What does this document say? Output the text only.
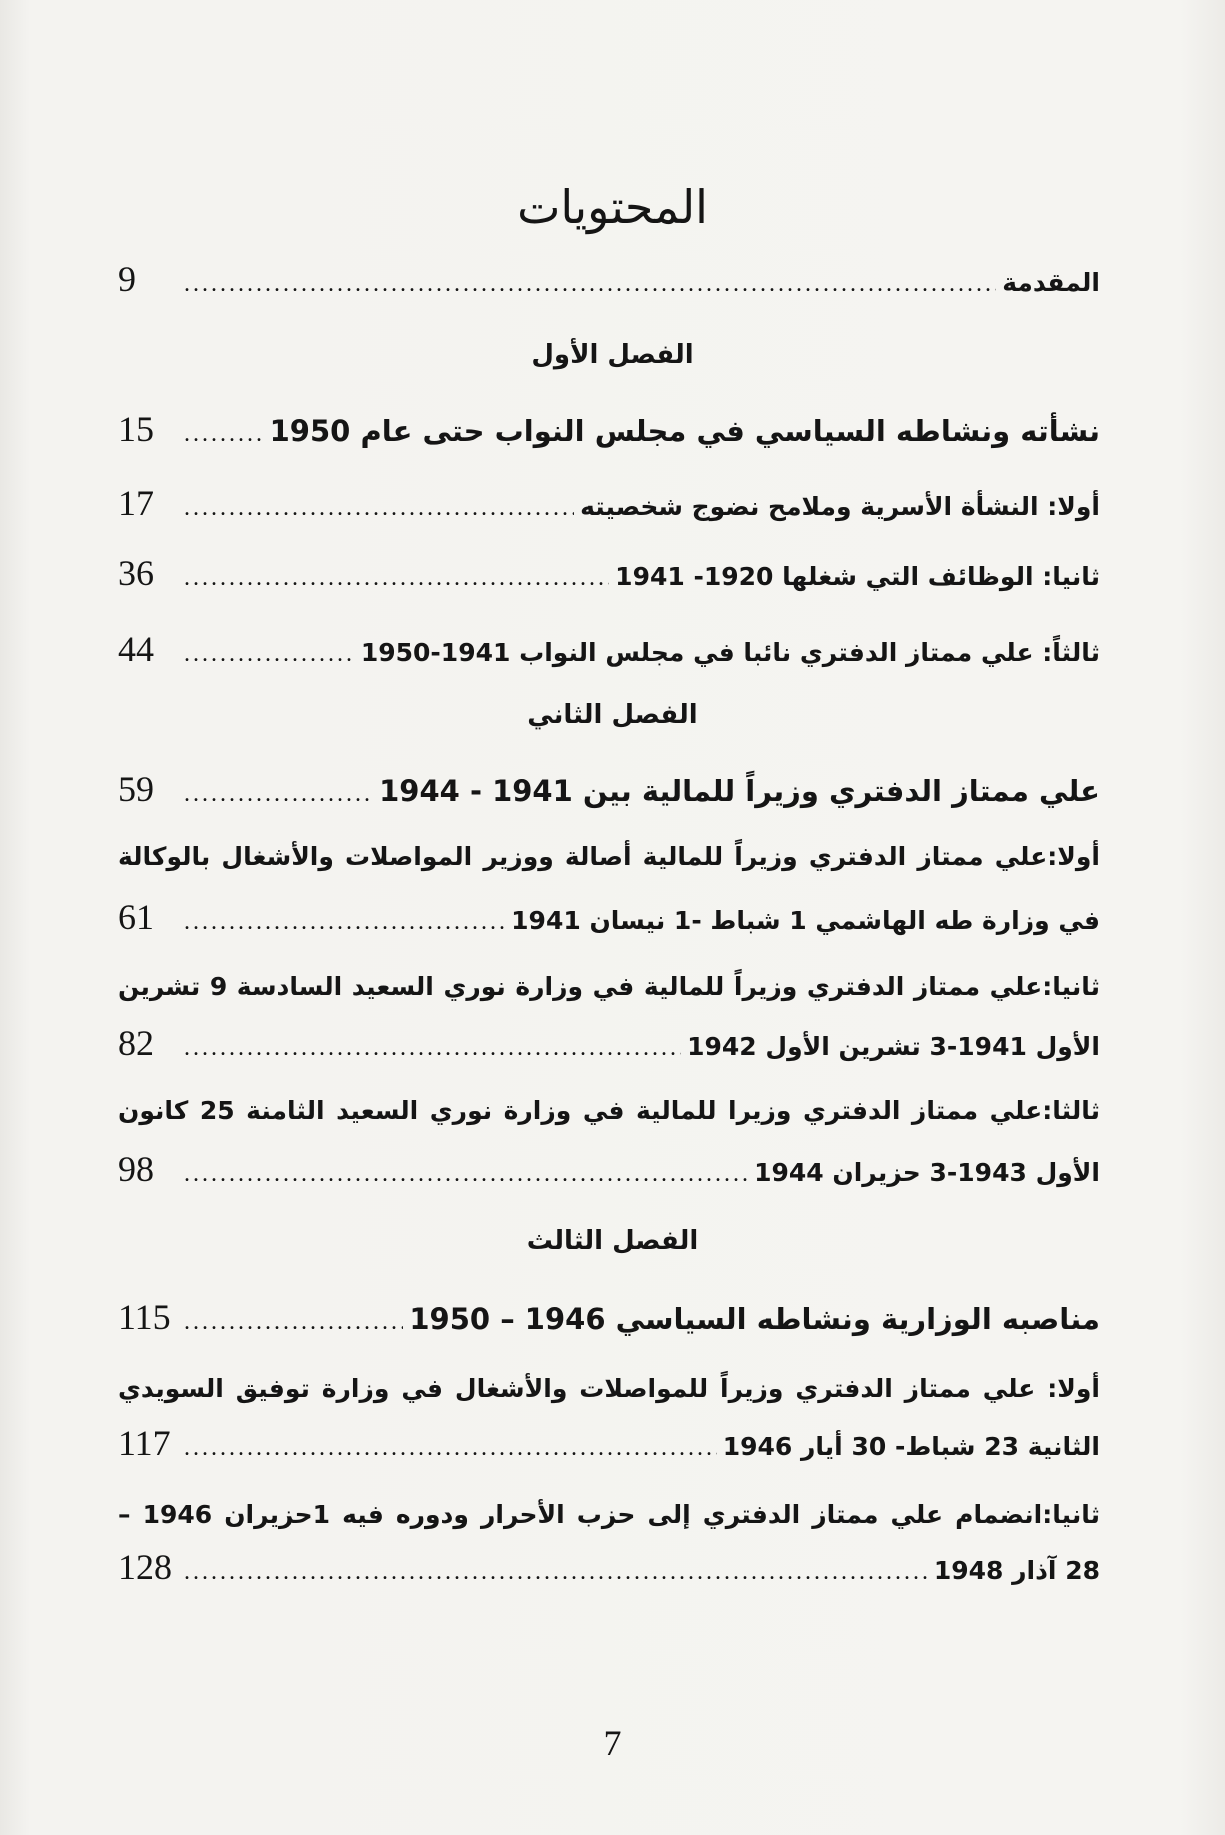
المحتويات
9 .....	المقدمة
الفصل الأول
15 .....	نشأته ونشاطه السياسي في مجلس النواب حتى عام 1950
17 .....	أولا: النشأة الأسرية وملامح نضوج شخصيته
36 .....	ثانيا: الوظائف التي شغلها 1920- 1941
44 .....	ثالثاً: علي ممتاز الدفتري نائبا في مجلس النواب 1941-1950
الفصل الثاني
59 .....	علي ممتاز الدفتري وزيراً للمالية بين 1941 - 1944
أولا:علي ممتاز الدفتري وزيراً للمالية أصالة ووزير المواصلات والأشغال بالوكالة
61 .....	في وزارة طه الهاشمي 1 شباط -1 نيسان 1941
ثانيا:علي ممتاز الدفتري وزيراً للمالية في وزارة نوري السعيد السادسة 9 تشرين
82 .....	الأول 1941-3 تشرين الأول 1942
ثالثا:علي ممتاز الدفتري وزيرا للمالية في وزارة نوري السعيد الثامنة 25 كانون
98 .....	الأول 1943-3 حزيران 1944
الفصل الثالث
115 .....	مناصبه الوزارية ونشاطه السياسي 1946 – 1950
أولا: علي ممتاز الدفتري وزيراً للمواصلات والأشغال في وزارة توفيق السويدي
117 .....	الثانية 23 شباط- 30 أيار 1946
ثانيا:انضمام علي ممتاز الدفتري إلى حزب الأحرار ودوره فيه 1حزيران 1946 –
128 .....	28 آذار 1948
7
